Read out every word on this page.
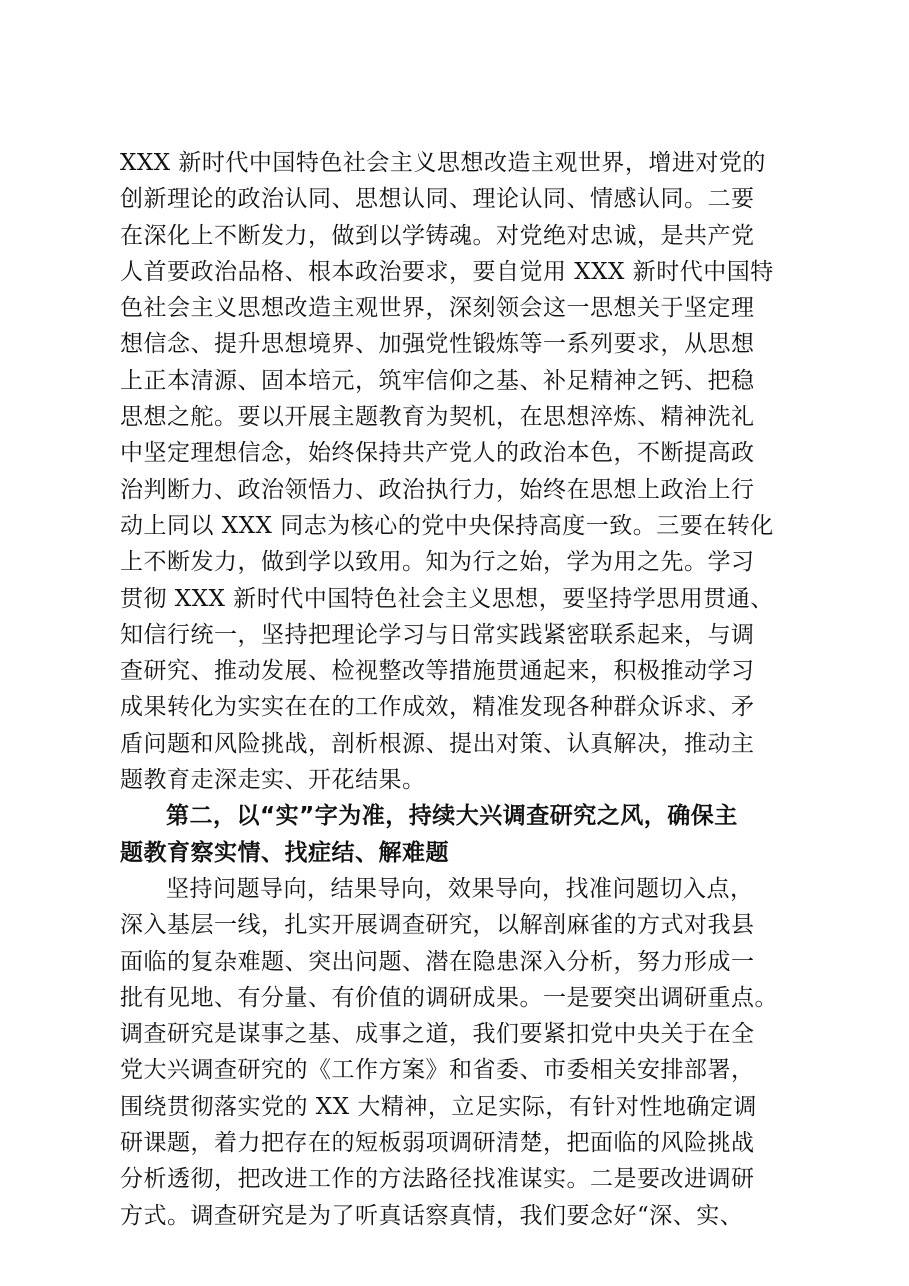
XXX 新时代中国特色社会主义思想改造主观世界，增进对党的
创新理论的政治认同、思想认同、理论认同、情感认同。二要
在深化上不断发力，做到以学铸魂。对党绝对忠诚，是共产党
人首要政治品格、根本政治要求，要自觉用 XXX 新时代中国特
色社会主义思想改造主观世界，深刻领会这一思想关于坚定理
想信念、提升思想境界、加强党性锻炼等一系列要求，从思想
上正本清源、固本培元，筑牢信仰之基、补足精神之钙、把稳
思想之舵。要以开展主题教育为契机，在思想淬炼、精神洗礼
中坚定理想信念，始终保持共产党人的政治本色，不断提高政
治判断力、政治领悟力、政治执行力，始终在思想上政治上行
动上同以 XXX 同志为核心的党中央保持高度一致。三要在转化
上不断发力，做到学以致用。知为行之始，学为用之先。学习
贯彻 XXX 新时代中国特色社会主义思想，要坚持学思用贯通、
知信行统一，坚持把理论学习与日常实践紧密联系起来，与调
查研究、推动发展、检视整改等措施贯通起来，积极推动学习
成果转化为实实在在的工作成效，精准发现各种群众诉求、矛
盾问题和风险挑战，剖析根源、提出对策、认真解决，推动主
题教育走深走实、开花结果。
第二，以“实”字为准，持续大兴调查研究之风，确保主
题教育察实情、找症结、解难题
坚持问题导向，结果导向，效果导向，找准问题切入点，
深入基层一线，扎实开展调查研究，以解剖麻雀的方式对我县
面临的复杂难题、突出问题、潜在隐患深入分析，努力形成一
批有见地、有分量、有价值的调研成果。一是要突出调研重点。
调查研究是谋事之基、成事之道，我们要紧扣党中央关于在全
党大兴调查研究的《工作方案》和省委、市委相关安排部署，
围绕贯彻落实党的 XX 大精神，立足实际，有针对性地确定调
研课题，着力把存在的短板弱项调研清楚，把面临的风险挑战
分析透彻，把改进工作的方法路径找准谋实。二是要改进调研
方式。调查研究是为了听真话察真情，我们要念好“深、实、
